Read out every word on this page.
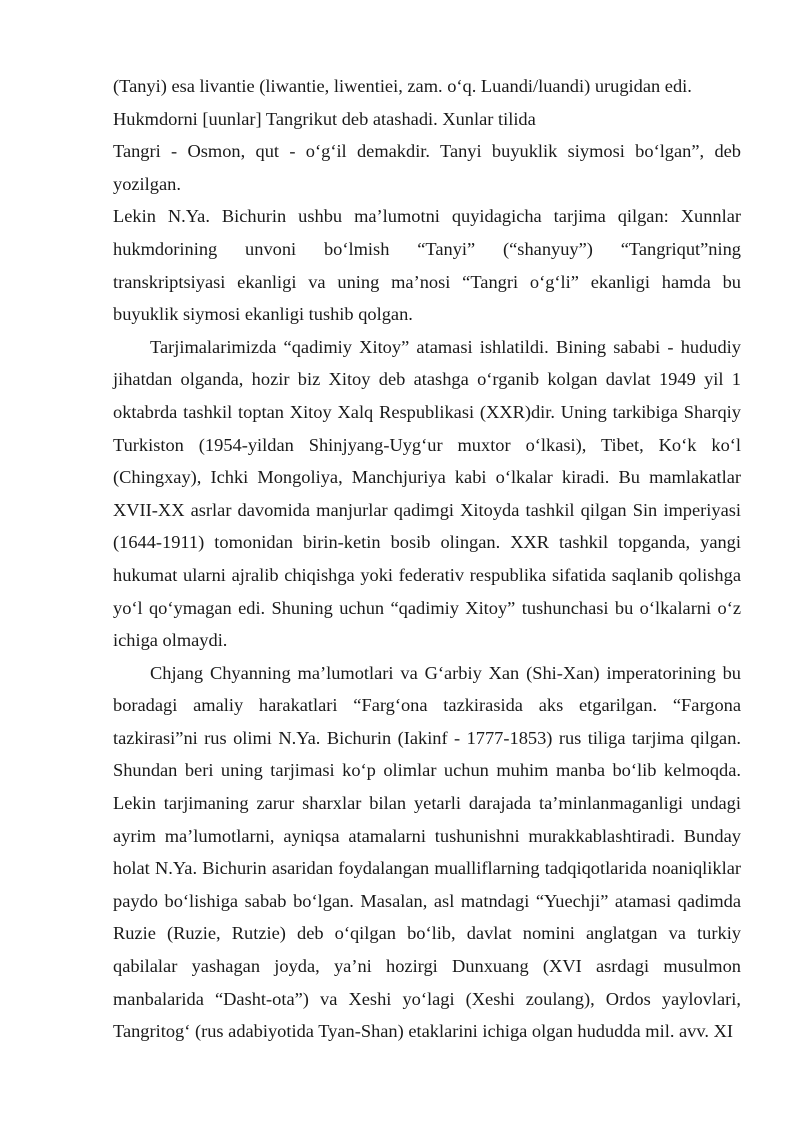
(Tanyi) esa livantie (liwantie, liwentiei, zam. o‘q. Luandi/luandi) urugidan edi.
Hukmdorni [uunlar] Tangrikut deb atashadi. Xunlar tilida

Tangri - Osmon, qut - o‘g‘il demakdir. Tanyi buyuklik siymosi bo‘lgan”, deb yozilgan.

Lekin N.Ya. Bichurin ushbu ma’lumotni quyidagicha tarjima qilgan: Xunnlar hukmdorining unvoni bo‘lmish “Tanyi” (“shanyuy”) “Tangriqut”ning transkriptsiyasi ekanligi va uning ma’nosi “Tangri o‘g‘li” ekanligi hamda bu buyuklik siymosi ekanligi tushib qolgan.

Tarjimalarimizda “qadimiy Xitoy” atamasi ishlatildi. Bining sababi - hududiy jihatdan olganda, hozir biz Xitoy deb atashga o‘rganib kolgan davlat 1949 yil 1 oktabrda tashkil toptan Xitoy Xalq Respublikasi (XXR)dir. Uning tarkibiga Sharqiy Turkiston (1954-yildan Shinjyang-Uyg‘ur muxtor o‘lkasi), Tibet, Ko‘k ko‘l (Chingxay), Ichki Mongoliya, Manchjuriya kabi o‘lkalar kiradi. Bu mamlakatlar XVII-XX asrlar davomida manjurlar qadimgi Xitoyda tashkil qilgan Sin imperiyasi (1644-1911) tomonidan birin-ketin bosib olingan. XXR tashkil topganda, yangi hukumat ularni ajralib chiqishga yoki federativ respublika sifatida saqlanib qolishga yo‘l qo‘ymagan edi. Shuning uchun “qadimiy Xitoy” tushunchasi bu o‘lkalarni o‘z ichiga olmaydi.

Chjang Chyanning ma’lumotlari va G‘arbiy Xan (Shi-Xan) imperatorining bu boradagi amaliy harakatlari “Farg‘ona tazkirasida aks etgarilgan. “Fargona tazkirasi”ni rus olimi N.Ya. Bichurin (Iakinf - 1777-1853) rus tiliga tarjima qilgan. Shundan beri uning tarjimasi ko‘p olimlar uchun muhim manba bo‘lib kelmoqda. Lekin tarjimaning zarur sharxlar bilan yetarli darajada ta’minlanmaganligi undagi ayrim ma’lumotlarni, ayniqsa atamalarni tushunishni murakkablashtiradi. Bunday holat N.Ya. Bichurin asaridan foydalangan mualliflarning tadqiqotlarida noaniqliklar paydo bo‘lishiga sabab bo‘lgan. Masalan, asl matndagi “Yuechji” atamasi qadimda Ruzie (Ruzie, Rutzie) deb o‘qilgan bo‘lib, davlat nomini anglatgan va turkiy qabilalar yashagan joyda, ya’ni hozirgi Dunxuang (XVI asrdagi musulmon manbalarida “Dasht-ota”) va Xeshi yo‘lagi (Xeshi zoulang), Ordos yaylovlari, Tangritog‘ (rus adabiyotida Tyan-Shan) etaklarini ichiga olgan hududda mil. avv. XI
